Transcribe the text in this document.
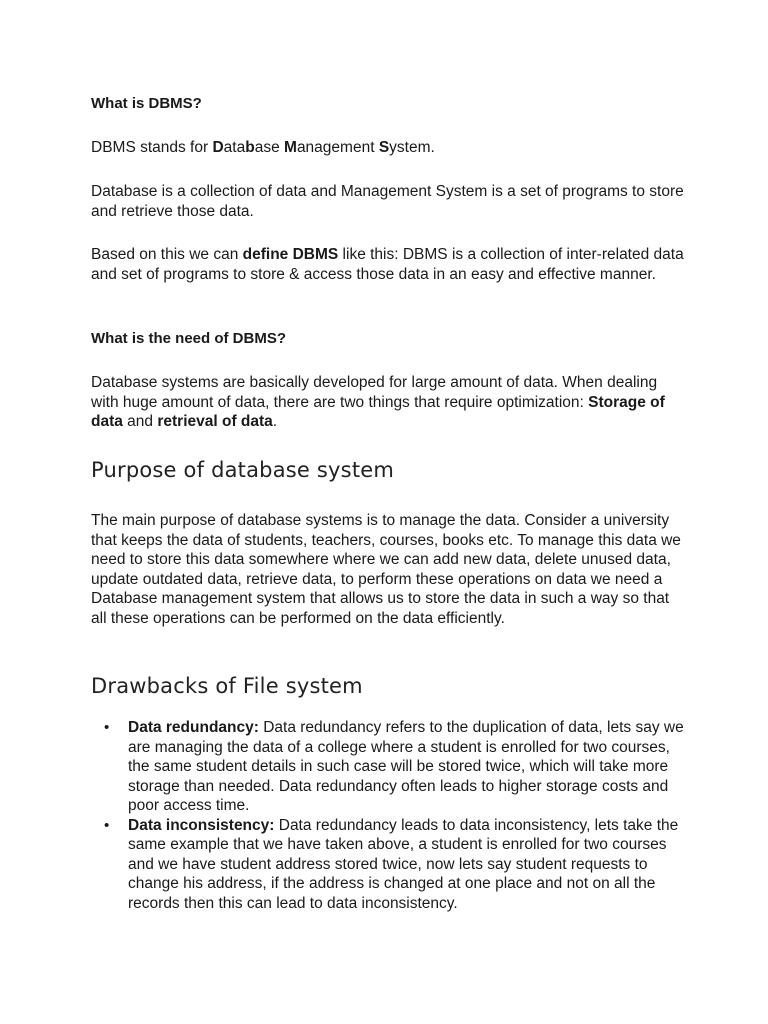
What is DBMS?

DBMS stands for Database Management System.

Database is a collection of data and Management System is a set of programs to store and retrieve those data.

Based on this we can define DBMS like this: DBMS is a collection of inter-related data and set of programs to store & access those data in an easy and effective manner.

What is the need of DBMS?

Database systems are basically developed for large amount of data. When dealing with huge amount of data, there are two things that require optimization: Storage of data and retrieval of data.

Purpose of database system

The main purpose of database systems is to manage the data. Consider a university that keeps the data of students, teachers, courses, books etc. To manage this data we need to store this data somewhere where we can add new data, delete unused data, update outdated data, retrieve data, to perform these operations on data we need a Database management system that allows us to store the data in such a way so that all these operations can be performed on the data efficiently.

Drawbacks of File system
• Data redundancy: Data redundancy refers to the duplication of data, lets say we are managing the data of a college where a student is enrolled for two courses, the same student details in such case will be stored twice, which will take more storage than needed. Data redundancy often leads to higher storage costs and poor access time.
• Data inconsistency: Data redundancy leads to data inconsistency, lets take the same example that we have taken above, a student is enrolled for two courses and we have student address stored twice, now lets say student requests to change his address, if the address is changed at one place and not on all the records then this can lead to data inconsistency.
